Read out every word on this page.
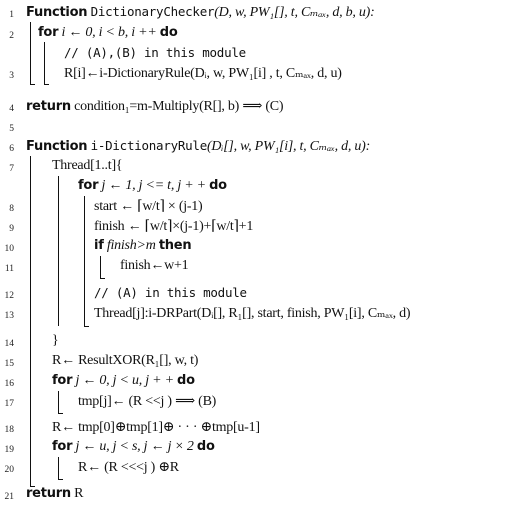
1 Function DictionaryChecker(D, w, PW₁[], t, Cₘₐₓ, d, b, u):
2 for i ← 0, i < b, i ++ do
// (A),(B) in this module
3	R[i]←i-DictionaryRule(Dᵢ, w, PW₁[i] , t, Cₘₐₓ, d, u)
4 return condition₁=m-Multiply(R[], b) ⟹ (C)
5
6 Function i-DictionaryRule(Dᵢ[], w, PW₁[i], t, Cₘₐₓ, d, u):
7	Thread[1..t]{
for j ← 1, j <= t, j + + do
8	start ← ⌈w/t⌉ × (j-1)
9	finish ← ⌈w/t⌉×(j-1)+⌈w/t⌉+1
10	if finish>m then
11	finish←w+1
12	// (A) in this module
13	Thread[j]:i-DRPart(Dᵢ[], R₁[], start, finish, PW₁[i], Cₘₐₓ, d)
14	}
15	R← ResultXOR(R₁[], w, t)
16	for j ← 0, j < u, j + + do
17	tmp[j]← (R <<j ) ⟹ (B)
18	R← tmp[0]⊕tmp[1]⊕ · · · ⊕tmp[u-1]
19	for j ← u, j < s, j ← j × 2 do
20	R← (R <<<j ) ⊕R
21 return R
